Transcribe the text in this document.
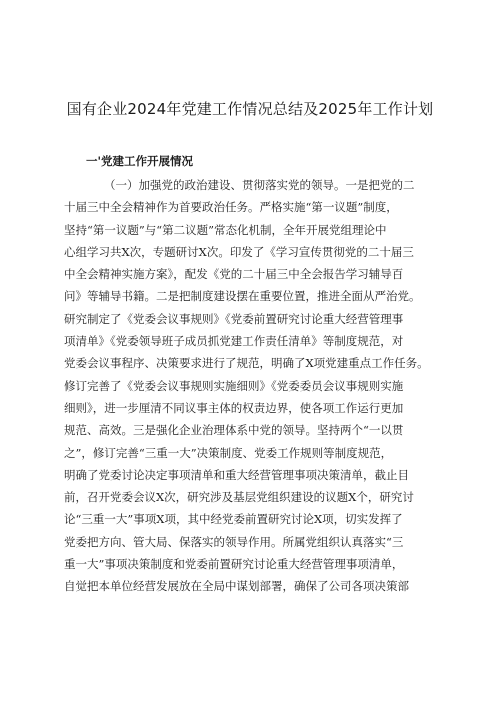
国有企业2024年党建工作情况总结及2025年工作计划
一'党建工作开展情况
（一）加强党的政治建设、贯彻落实党的领导。一是把党的二
十届三中全会精神作为首要政治任务。严格实施“第一议题”制度，
坚持“第一议题”与“第二议题”常态化机制，全年开展党组理论中
心组学习共X次，专题研讨X次。印发了《学习宣传贯彻党的二十届三
中全会精神实施方案》，配发《党的二十届三中全会报告学习辅导百
问》等辅导书籍。二是把制度建设摆在重要位置，推进全面从严治党。
研究制定了《党委会议事规则》《党委前置研究讨论重大经营管理事
项清单》《党委领导班子成员抓党建工作责任清单》等制度规范，对
党委会议事程序、决策要求进行了规范，明确了X项党建重点工作任务。
修订完善了《党委会议事规则实施细则》《党委委员会议事规则实施
细则》，进一步厘清不同议事主体的权责边界，使各项工作运行更加
规范、高效。三是强化企业治理体系中党的领导。坚持两个“一以贯
之”，修订完善“三重一大”决策制度、党委工作规则等制度规范，
明确了党委讨论决定事项清单和重大经营管理事项决策清单，截止目
前，召开党委会议X次，研究涉及基层党组织建设的议题X个，研究讨
论“三重一大”事项X项，其中经党委前置研究讨论X项，切实发挥了
党委把方向、管大局、保落实的领导作用。所属党组织认真落实“三
重一大”事项决策制度和党委前置研究讨论重大经营管理事项清单，
自觉把本单位经营发展放在全局中谋划部署，确保了公司各项决策部
